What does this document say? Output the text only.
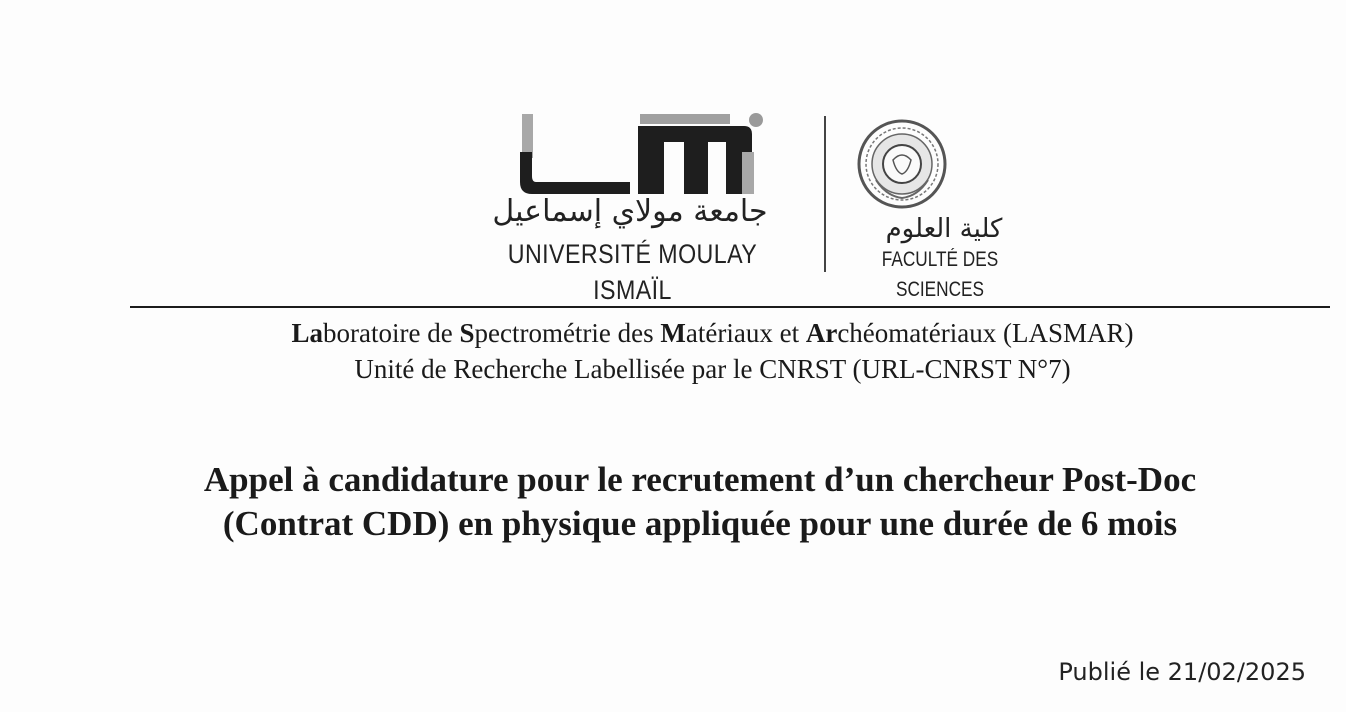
جامعة مولاي إسماعيل
UNIVERSITÉ MOULAY ISMAÏL
كلية العلوم
FACULTÉ DES SCIENCES
Laboratoire de Spectrométrie des Matériaux et Archéomatériaux (LASMAR)
Unité de Recherche Labellisée par le CNRST (URL-CNRST N°7)
Appel à candidature pour le recrutement d’un chercheur Post-Doc
(Contrat CDD) en physique appliquée pour une durée de 6 mois
Publié le 21/02/2025
